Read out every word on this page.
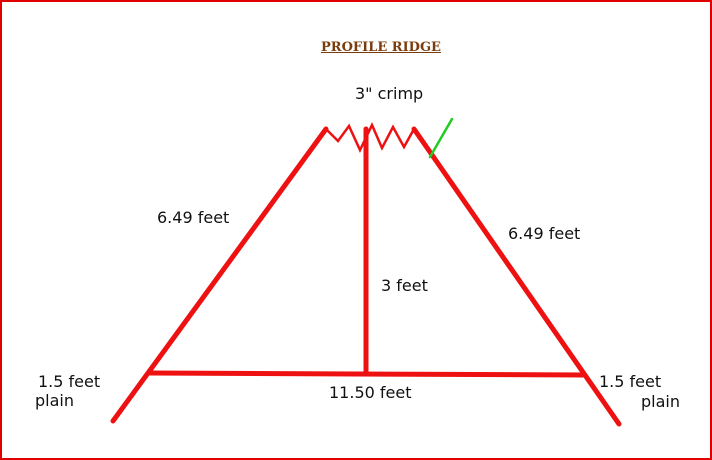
PROFILE RIDGE
3" crimp
6.49 feet
6.49 feet
3 feet
11.50 feet
1.5 feet
plain
1.5 feet
plain
